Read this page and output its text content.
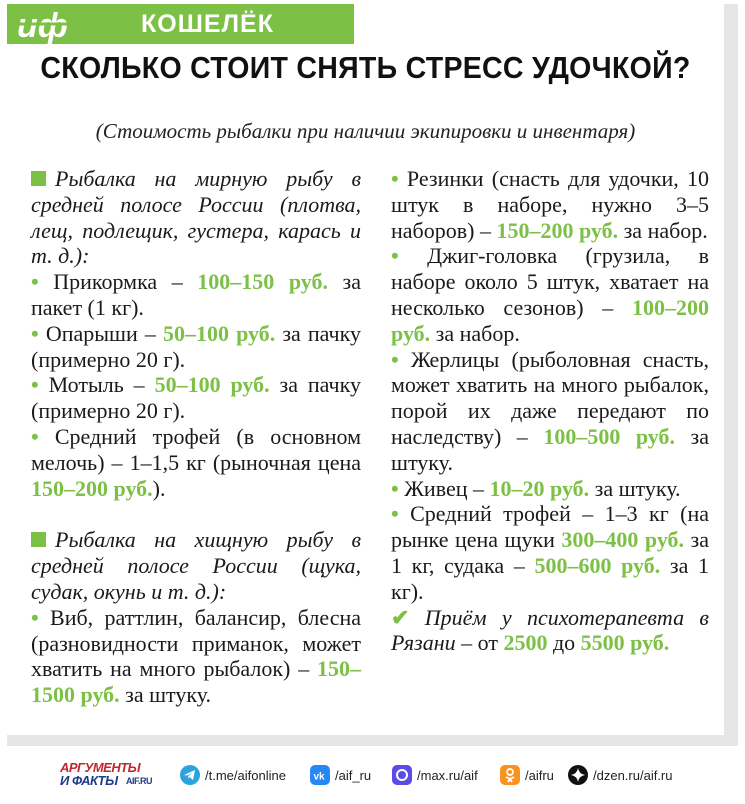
иф	КОШЕЛЁК
СКОЛЬКО СТОИТ СНЯТЬ СТРЕСС УДОЧКОЙ?
(Стоимость рыбалки при наличии экипировки и инвентаря)

Рыбалка на мирную рыбу в средней полосе России (плотва, лещ, подлещик, густера, карась и т. д.):

• Прикормка – 100–150 руб. за пакет (1 кг).

• Опарыши – 50–100 руб. за пачку (примерно 20 г).

• Мотыль – 50–100 руб. за пачку (примерно 20 г).

• Средний трофей (в основном мелочь) – 1–1,5 кг (рыночная цена 150–200 руб.).

Рыбалка на хищную рыбу в средней полосе России (щука, судак, окунь и т. д.):

• Виб, раттлин, балансир, блесна (разновидности приманок, может хватить на много рыбалок) – 150–1500 руб. за штуку.

• Резинки (снасть для удочки, 10 штук в наборе, нужно 3–5 наборов) – 150–200 руб. за набор.

• Джиг-головка (грузила, в наборе около 5 штук, хватает на несколько сезонов) – 100–200 руб. за набор.

• Жерлицы (рыболовная снасть, может хватить на много рыбалок, порой их даже передают по наследству) – 100–500 руб. за штуку.

• Живец – 10–20 руб. за штуку.

• Средний трофей – 1–3 кг (на рынке цена щуки 300–400 руб. за 1 кг, судака – 500–600 руб. за 1 кг).

✔ Приём у психотерапевта в Рязани – от 2500 до 5500 руб.

АРГУМЕНТЫ
И ФАКТЫ AIF.RU	/t.me/aifonline	vk /aif_ru	/max.ru/aif	/aifru	/dzen.ru/aif.ru
